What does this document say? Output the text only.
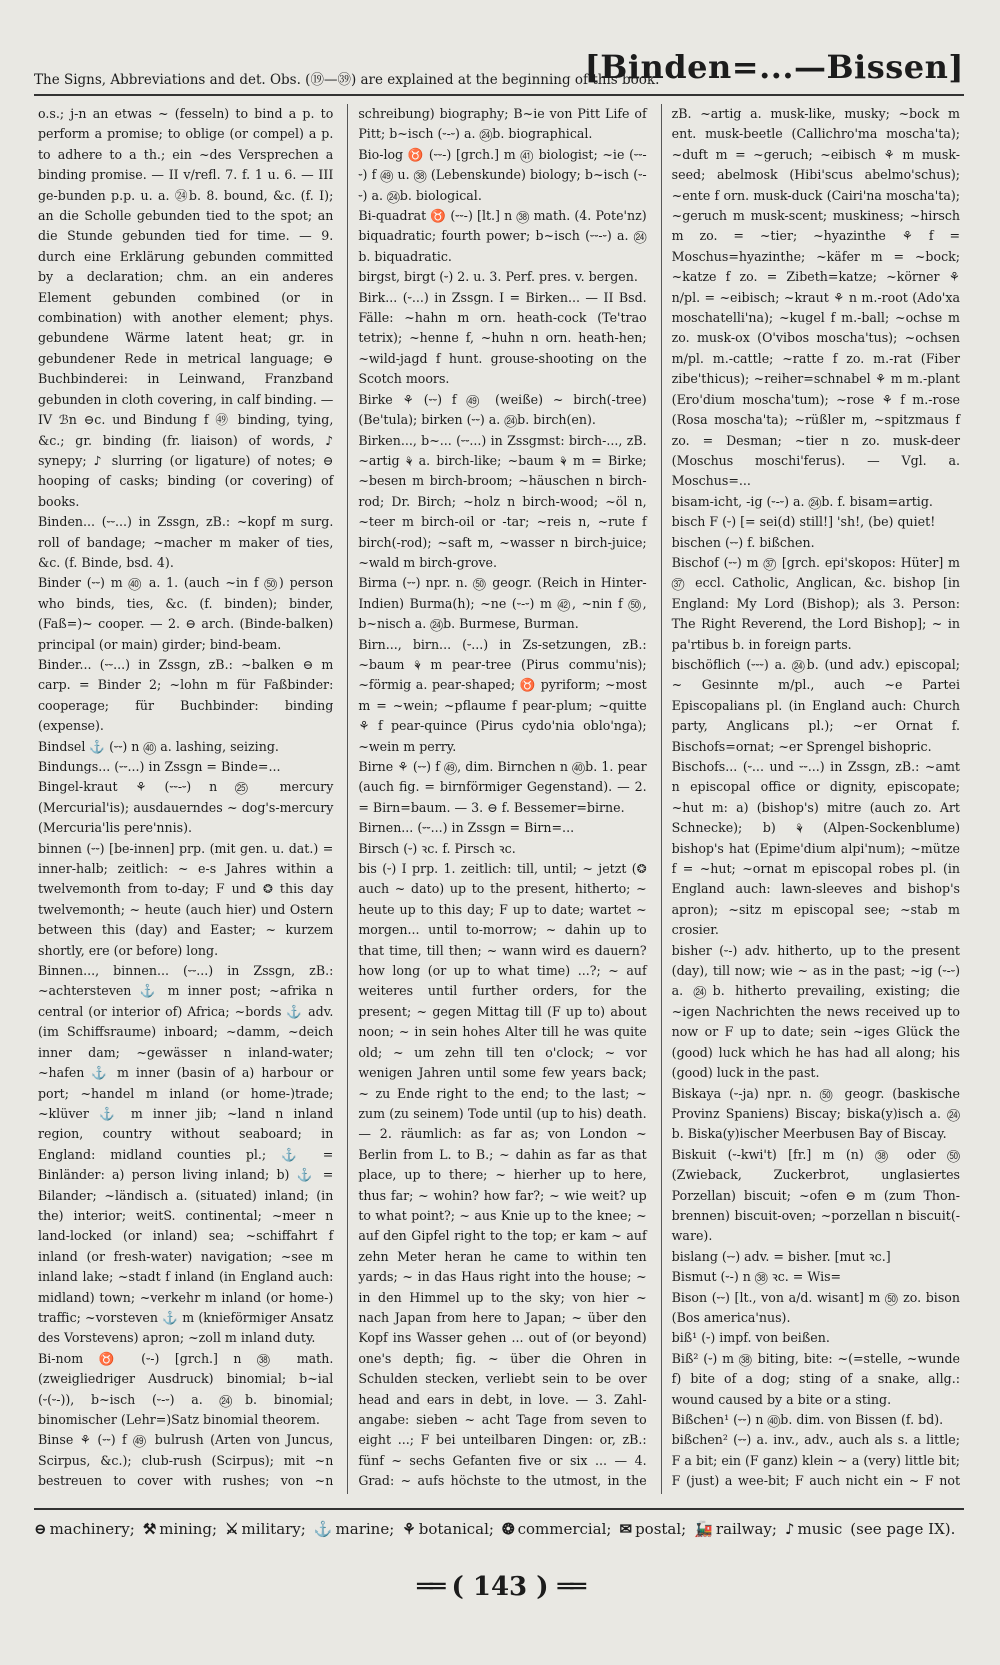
The Signs, Abbreviations and det. Obs. (⑲—㊴) are explained at the beginning of this book.
[Binden=...—Bissen]

o.s.; j-n an etwas ~ (fesseln) to bind a p. to perform a promise; to oblige (or compel) a p. to adhere to a th.; ein ~des Versprechen a binding promise. — II v/refl. 7. f. 1 u. 6. — III ge-bunden p.p. u. a. ㉔b. 8. bound, &c. (f. I); an die Scholle gebunden tied to the spot; an die Stunde gebunden tied for time. — 9. durch eine Erklärung gebunden committed by a declaration; chm. an ein anderes Element gebunden combined (or in combination) with another element; phys. gebundene Wärme latent heat; gr. in gebundener Rede in metrical language; ⊖ Buchbinderei: in Leinwand, Franzband gebunden in cloth covering, in calf binding. — IV ℬn ⊖c. und Bindung f ㊾ binding, tying, &c.; gr. binding (fr. liaison) of words, ♪ synepy; ♪ slurring (or ligature) of notes; ⊖ hooping of casks; binding (or covering) of books.

Binden... (⏑⏑...) in Zssgn, zB.: ~kopf m surg. roll of bandage; ~macher m maker of ties, &c. (f. Binde, bsd. 4).

Binder (⏑⏑) m ㊵ a. 1. (auch ~in f ㊿) person who binds, ties, &c. (f. binden); binder, (Faß=)~ cooper. — 2. ⊖ arch. (Binde-balken) principal (or main) girder; bind-beam.

Binder... (⏑⏑...) in Zssgn, zB.: ~balken ⊖ m carp. = Binder 2; ~lohn m für Faßbinder: cooperage; für Buchbinder: binding (expense).

Bindsel ⚓ (⏑⏑) n ㊵ a. lashing, seizing.

Bindungs... (⏑⏑...) in Zssgn = Binde=...

Bingel-kraut ⚘ (⏑⏑-⏑) n ㉕ mercury (Mercurial'is); ausdauerndes ~ dog's-mercury (Mercuria'lis pere'nnis).

binnen (⏑⏑) [be-innen] prp. (mit gen. u. dat.) = inner-halb; zeitlich: ~ e-s Jahres within a twelvemonth from to-day; F und ❂ this day twelvemonth; ~ heute (auch hier) und Ostern between this (day) and Easter; ~ kurzem shortly, ere (or before) long.

Binnen..., binnen... (⏑⏑...) in Zssgn, zB.: ~achtersteven ⚓ m inner post; ~afrika n central (or interior of) Africa; ~bords ⚓ adv. (im Schiffsraume) inboard; ~damm, ~deich inner dam; ~gewässer n inland-water; ~hafen ⚓ m inner (basin of a) harbour or port; ~handel m inland (or home-)trade; ~klüver ⚓ m inner jib; ~land n inland region, country without seaboard; in England: midland counties pl.; ⚓ = Binländer: a) person living inland; b) ⚓ = Bilander; ~ländisch a. (situated) inland; (in the) interior; weitS. continental; ~meer n land-locked (or inland) sea; ~schiffahrt f inland (or fresh-water) navigation; ~see m inland lake; ~stadt f inland (in England auch: midland) town; ~verkehr m inland (or home-) traffic; ~vorsteven ⚓ m (knieförmiger Ansatz des Vorstevens) apron; ~zoll m inland duty.

Bi-nom ♉ (⏑-) [grch.] n ㊳ math. (zweigliedriger Ausdruck) binomial; b~ial (⏑(⏑-)), b~isch (⏑-⏑) a. ㉔b. binomial; binomischer (Lehr=)Satz binomial theorem.

Binse ⚘ (⏑⏑) f ㊾ bulrush (Arten von Juncus, Scirpus, &c.); club-rush (Scirpus); mit ~n bestreuen to cover with rushes; von ~n

schreibung) biography; B~ie von Pitt Life of Pitt; b~isch (⏑-⏑) a. ㉔b. biographical.

Bio-log ♉ (⏑⏑-) [grch.] m ㊶ biologist; ~ie (⏑⏑-⏑) f ㊾ u. ㊳ (Lebenskunde) biology; b~isch (⏑-⏑) a. ㉔b. biological.

Bi-quadrat ♉ (⏑⏑-) [lt.] n ㊳ math. (4. Pote'nz) biquadratic; fourth power; b~isch (⏑⏑-⏑) a. ㉔b. biquadratic.

birgst, birgt (⏑) 2. u. 3. Perf. pres. v. bergen.

Birk... (⏑...) in Zssgn. I = Birken... — II Bsd. Fälle: ~hahn m orn. heath-cock (Te'trao tetrix); ~henne f, ~huhn n orn. heath-hen; ~wild-jagd f hunt. grouse-shooting on the Scotch moors.

Birke ⚘ (⏑⏑) f ㊾ (weiße) ~ birch(-tree) (Be'tula); birken (⏑⏑) a. ㉔b. birch(en).

Birken..., b~... (⏑⏑...) in Zssgmst: birch-..., zB. ~artig ⚘ a. birch-like; ~baum ⚘ m = Birke; ~besen m birch-broom; ~häuschen n birch-rod; Dr. Birch; ~holz n birch-wood; ~öl n, ~teer m birch-oil or -tar; ~reis n, ~rute f birch(-rod); ~saft m, ~wasser n birch-juice; ~wald m birch-grove.

Birma (⏑⏑) npr. n. ㊿ geogr. (Reich in Hinter-Indien) Burma(h); ~ne (⏑-⏑) m ㊷, ~nin f ㊿, b~nisch a. ㉔b. Burmese, Burman.

Birn..., birn... (⏑...) in Zs-setzungen, zB.: ~baum ⚘ m pear-tree (Pirus commu'nis); ~förmig a. pear-shaped; ♉ pyriform; ~most m = ~wein; ~pflaume f pear-plum; ~quitte ⚘ f pear-quince (Pirus cydo'nia oblo'nga); ~wein m perry.

Birne ⚘ (⏑⏑) f ㊾, dim. Birnchen n ㊵b. 1. pear (auch fig. = birnförmiger Gegenstand). — 2. = Birn=baum. — 3. ⊖ f. Bessemer=birne.

Birnen... (⏑⏑...) in Zssgn = Birn=...

Birsch (⏑) ꝛc. f. Pirsch ꝛc.

bis (⏑) I prp. 1. zeitlich: till, until; ~ jetzt (❂ auch ~ dato) up to the present, hitherto; ~ heute up to this day; F up to date; wartet ~ morgen... until to-morrow; ~ dahin up to that time, till then; ~ wann wird es dauern? how long (or up to what time) ...?; ~ auf weiteres until further orders, for the present; ~ gegen Mittag till (F up to) about noon; ~ in sein hohes Alter till he was quite old; ~ um zehn till ten o'clock; ~ vor wenigen Jahren until some few years back; ~ zu Ende right to the end; to the last; ~ zum (zu seinem) Tode until (up to his) death. — 2. räumlich: as far as; von London ~ Berlin from L. to B.; ~ dahin as far as that place, up to there; ~ hierher up to here, thus far; ~ wohin? how far?; ~ wie weit? up to what point?; ~ aus Knie up to the knee; ~ auf den Gipfel right to the top; er kam ~ auf zehn Meter heran he came to within ten yards; ~ in das Haus right into the house; ~ in den Himmel up to the sky; von hier ~ nach Japan from here to Japan; ~ über den Kopf ins Wasser gehen ... out of (or beyond) one's depth; fig. ~ über die Ohren in Schulden stecken, verliebt sein to be over head and ears in debt, in love. — 3. Zahl-angabe: sieben ~ acht Tage from seven to eight ...; F bei unteilbaren Dingen: or, zB.: fünf ~ sechs Gefanten five or six ... — 4. Grad: ~ aufs höchste to the utmost, in the

zB. ~artig a. musk-like, musky; ~bock m ent. musk-beetle (Callichro'ma moscha'ta); ~duft m = ~geruch; ~eibisch ⚘ m musk-seed; abelmosk (Hibi'scus abelmo'schus); ~ente f orn. musk-duck (Cairi'na moscha'ta); ~geruch m musk-scent; muskiness; ~hirsch m zo. = ~tier; ~hyazinthe ⚘ f = Moschus=hyazinthe; ~käfer m = ~bock; ~katze f zo. = Zibeth=katze; ~körner ⚘ n/pl. = ~eibisch; ~kraut ⚘ n m.-root (Ado'xa moschatelli'na); ~kugel f m.-ball; ~ochse m zo. musk-ox (O'vibos moscha'tus); ~ochsen m/pl. m.-cattle; ~ratte f zo. m.-rat (Fiber zibe'thicus); ~reiher=schnabel ⚘ m m.-plant (Ero'dium moscha'tum); ~rose ⚘ f m.-rose (Rosa moscha'ta); ~rüßler m, ~spitzmaus f zo. = Desman; ~tier n zo. musk-deer (Moschus moschi'ferus). — Vgl. a. Moschus=...

bisam-icht, -ig (⏑-⏑) a. ㉔b. f. bisam=artig.

bisch F (⏑) [= sei(d) still!] 'sh!, (be) quiet!

bischen (⏑⏑) f. bißchen.

Bischof (⏑⏑) m ㊲ [grch. epi'skopos: Hüter] m ㊲ eccl. Catholic, Anglican, &c. bishop [in England: My Lord (Bishop); als 3. Person: The Right Reverend, the Lord Bishop]; ~ in pa'rtibus b. in foreign parts.

bischöflich (⏑⏑⏑) a. ㉔b. (und adv.) episcopal; ~ Gesinnte m/pl., auch ~e Partei Episcopalians pl. (in England auch: Church party, Anglicans pl.); ~er Ornat f. Bischofs=ornat; ~er Sprengel bishopric.

Bischofs... (⏑... und ⏑⏑...) in Zssgn, zB.: ~amt n episcopal office or dignity, episcopate; ~hut m: a) (bishop's) mitre (auch zo. Art Schnecke); b) ⚘ (Alpen-Sockenblume) bishop's hat (Epime'dium alpi'num); ~mütze f = ~hut; ~ornat m episcopal robes pl. (in England auch: lawn-sleeves and bishop's apron); ~sitz m episcopal see; ~stab m crosier.

bisher (⏑-) adv. hitherto, up to the present (day), till now; wie ~ as in the past; ~ig (⏑-⏑) a. ㉔b. hitherto prevailing, existing; die ~igen Nachrichten the news received up to now or F up to date; sein ~iges Glück the (good) luck which he has had all along; his (good) luck in the past.

Biskaya (⏑-ja) npr. n. ㊿ geogr. (baskische Provinz Spaniens) Biscay; biska(y)isch a. ㉔b. Biska(y)ischer Meerbusen Bay of Biscay.

Biskuit (⏑-kwi't) [fr.] m (n) ㊳ oder ㊿ (Zwieback, Zuckerbrot, unglasiertes Porzellan) biscuit; ~ofen ⊖ m (zum Thon-brennen) biscuit-oven; ~porzellan n biscuit(-ware).

bislang (⏑⏑) adv. = bisher. [mut ꝛc.]

Bismut (⏑-) n ㊳ ꝛc. = Wis=

Bison (⏑⏑) [lt., von a/d. wisant] m ㊿ zo. bison (Bos america'nus).

biß¹ (⏑) impf. von beißen.

Biß² (⏑) m ㊳ biting, bite: ~(=stelle, ~wunde f) bite of a dog; sting of a snake, allg.: wound caused by a bite or a sting.

Bißchen¹ (⏑⏑) n ㊵b. dim. von Bissen (f. bd).

bißchen² (⏑⏑) a. inv., adv., auch als s. a little; F a bit; ein (F ganz) klein ~ a (very) little bit; F (just) a wee-bit; F auch nicht ein ~ F not

⊖ machinery; ⚒ mining; ⚔ military; ⚓ marine; ⚘ botanical; ❂ commercial; ✉ postal; 🚂 railway; ♪ music (see page IX).
══ ( 143 ) ══
